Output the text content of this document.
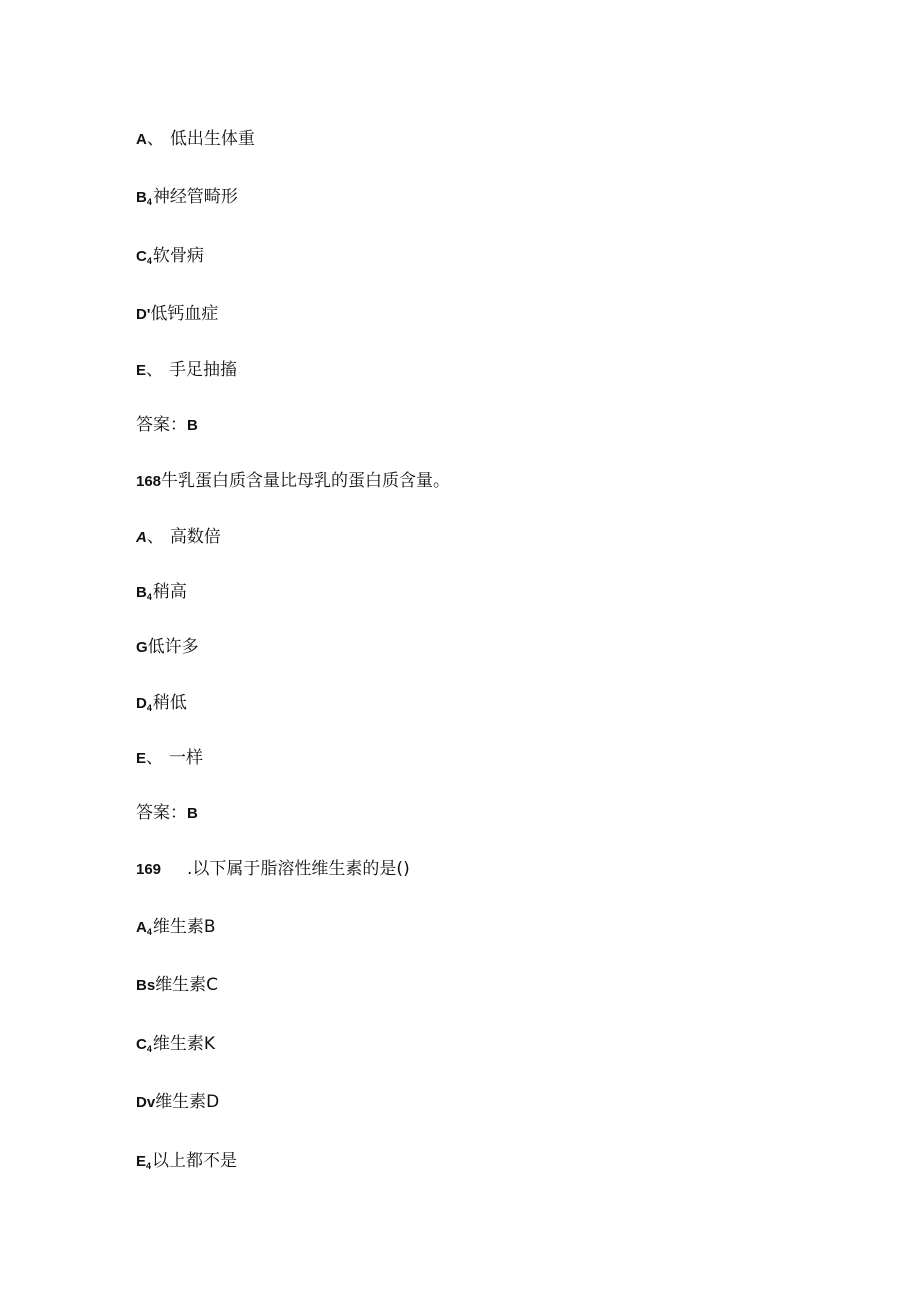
A、 低出生体重
B4神经管畸形
C4软骨病
D'低钙血症
E、 手足抽搐
答案：B
168牛乳蛋白质含量比母乳的蛋白质含量。
A、 高数倍
B4稍高
G低许多
D4稍低
E、 一样
答案：B
169 .以下属于脂溶性维生素的是()
A4维生素B
Bs维生素C
C4维生素K
Dv维生素D
E4以上都不是
